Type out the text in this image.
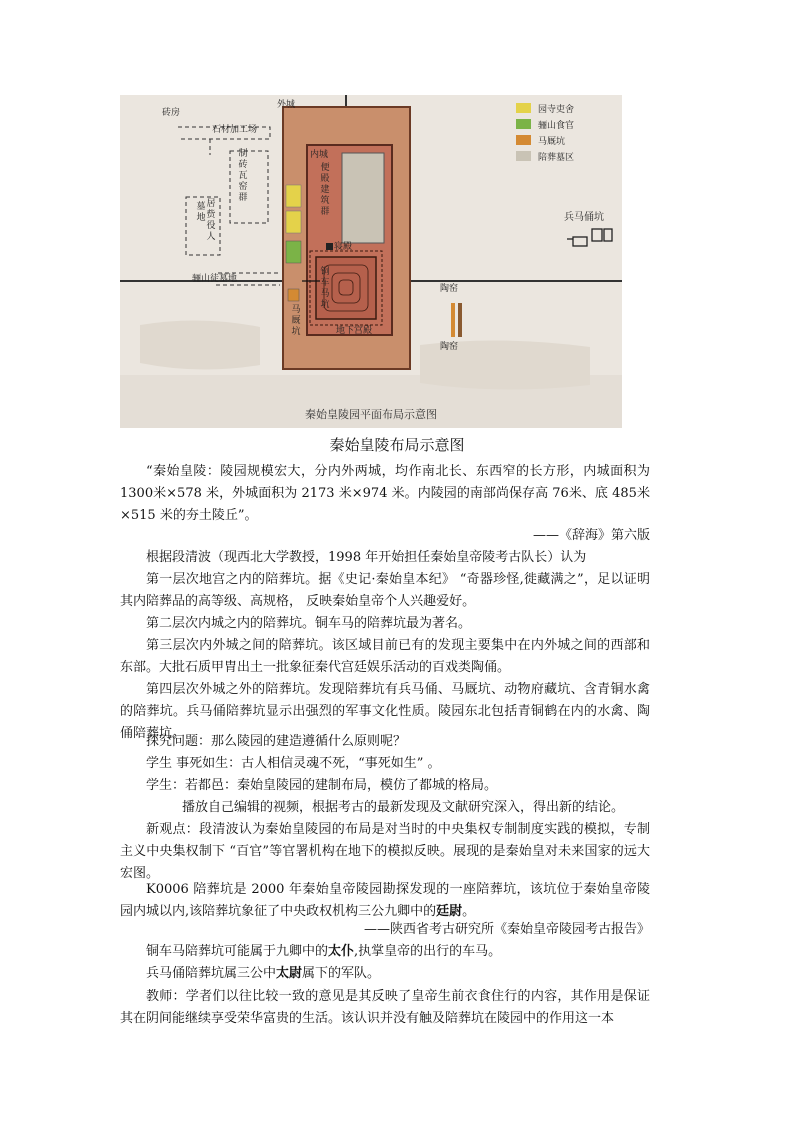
砖房
外城
石材加工场
制砖瓦窑群
墓地
居赀役人
骊山徒墓地
内城
便殿建筑群
寝殿
铜车马坑
马厩坑	地下宫殿
兵马俑坑
陶窑
陶窑
园寺吏舍
骊山食官
马厩坑
陪葬墓区
秦始皇陵园平面布局示意图
秦始皇陵布局示意图

“秦始皇陵：陵园规模宏大，分内外两城，均作南北长、东西窄的长方形，内城面积为 1300米×578 米，外城面积为 2173 米×974 米。内陵园的南部尚保存高 76米、底 485米×515 米的夯土陵丘”。

——《辞海》第六版

根据段清波（现西北大学教授，1998 年开始担任秦始皇帝陵考古队长）认为

第一层次地宫之内的陪葬坑。据《史记·秦始皇本纪》 “奇器珍怪,徙藏满之”，足以证明其内陪葬品的高等级、高规格， 反映秦始皇帝个人兴趣爱好。

第二层次内城之内的陪葬坑。铜车马的陪葬坑最为著名。

第三层次内外城之间的陪葬坑。该区域目前已有的发现主要集中在内外城之间的西部和东部。大批石质甲胄出土一批象征秦代宫廷娱乐活动的百戏类陶俑。

第四层次外城之外的陪葬坑。发现陪葬坑有兵马俑、马厩坑、动物府藏坑、含青铜水禽的陪葬坑。兵马俑陪葬坑显示出强烈的军事文化性质。陵园东北包括青铜鹤在内的水禽、陶俑陪葬坑。

探究问题：那么陵园的建造遵循什么原则呢？

学生 事死如生：古人相信灵魂不死，“事死如生” 。

学生：若都邑：秦始皇陵园的建制布局，模仿了都城的格局。

播放自己编辑的视频，根据考古的最新发现及文献研究深入，得出新的结论。

新观点：段清波认为秦始皇陵园的布局是对当时的中央集权专制制度实践的模拟，专制主义中央集权制下 “百官”等官署机构在地下的模拟反映。展现的是秦始皇对未来国家的远大宏图。

K0006 陪葬坑是 2000 年秦始皇帝陵园勘探发现的一座陪葬坑，该坑位于秦始皇帝陵园内城以内,该陪葬坑象征了中央政权机构三公九卿中的廷尉。

——陕西省考古研究所《秦始皇帝陵园考古报告》

铜车马陪葬坑可能属于九卿中的太仆,执掌皇帝的出行的车马。

兵马俑陪葬坑属三公中太尉属下的军队。

教师：学者们以往比较一致的意见是其反映了皇帝生前衣食住行的内容，其作用是保证其在阴间能继续享受荣华富贵的生活。该认识并没有触及陪葬坑在陵园中的作用这一本
